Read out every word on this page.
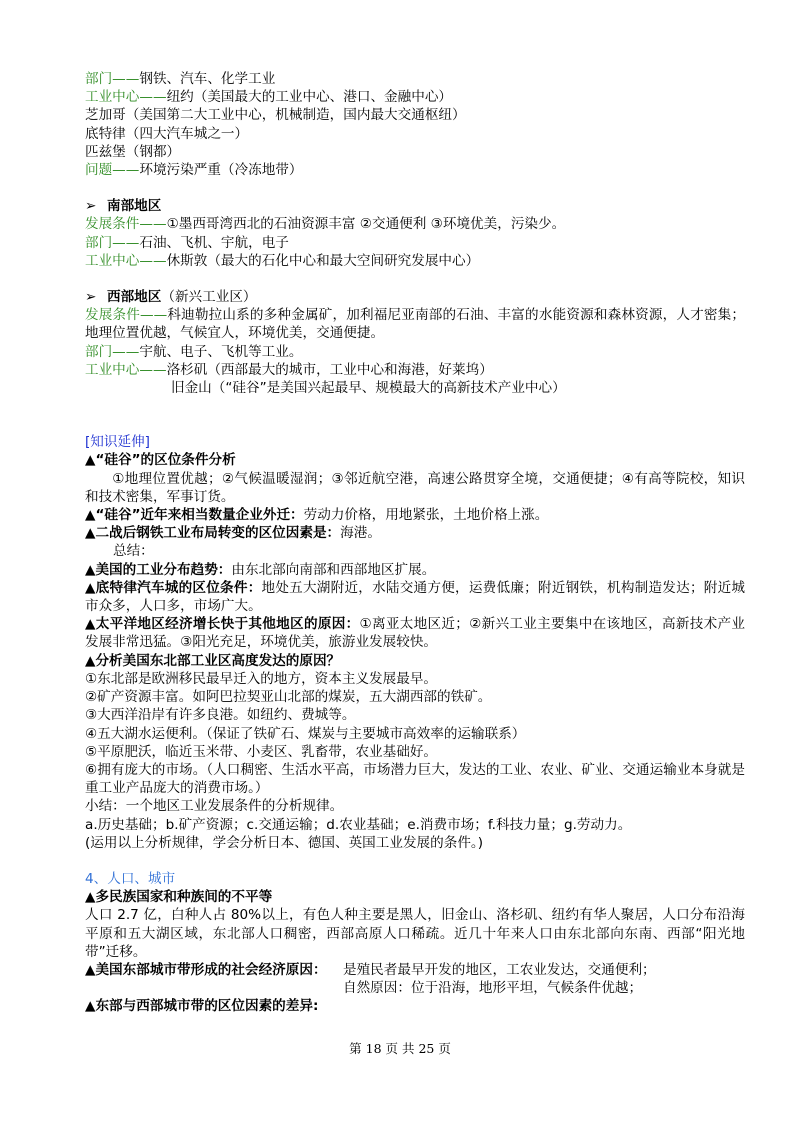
部门——钢铁、汽车、化学工业
工业中心——纽约（美国最大的工业中心、港口、金融中心）
芝加哥（美国第二大工业中心，机械制造，国内最大交通枢纽）
底特律（四大汽车城之一）
匹兹堡（钢都）
问题——环境污染严重（冷冻地带）
➢ 南部地区
发展条件——①墨西哥湾西北的石油资源丰富 ②交通便利 ③环境优美，污染少。
部门——石油、飞机、宇航，电子
工业中心——休斯敦（最大的石化中心和最大空间研究发展中心）
➢ 西部地区（新兴工业区）
发展条件——科迪勒拉山系的多种金属矿，加利福尼亚南部的石油、丰富的水能资源和森林资源，人才密集；地理位置优越，气候宜人，环境优美，交通便捷。
部门——宇航、电子、飞机等工业。
工业中心——洛杉矶（西部最大的城市，工业中心和海港，好莱坞）
旧金山（“硅谷”是美国兴起最早、规模最大的高新技术产业中心）
[知识延伸]
▲“硅谷”的区位条件分析
①地理位置优越；②气候温暖湿润；③邻近航空港，高速公路贯穿全境，交通便捷；④有高等院校，知识和技术密集，军事订货。
▲“硅谷”近年来相当数量企业外迁：劳动力价格，用地紧张，土地价格上涨。
▲二战后钢铁工业布局转变的区位因素是：海港。
总结：
▲美国的工业分布趋势：由东北部向南部和西部地区扩展。
▲底特律汽车城的区位条件：地处五大湖附近，水陆交通方便，运费低廉；附近钢铁，机构制造发达；附近城市众多，人口多，市场广大。
▲太平洋地区经济增长快于其他地区的原因：①离亚太地区近；②新兴工业主要集中在该地区，高新技术产业发展非常迅猛。③阳光充足，环境优美，旅游业发展较快。
▲分析美国东北部工业区高度发达的原因？
①东北部是欧洲移民最早迁入的地方，资本主义发展最早。
②矿产资源丰富。如阿巴拉契亚山北部的煤炭，五大湖西部的铁矿。
③大西洋沿岸有许多良港。如纽约、费城等。
④五大湖水运便利。（保证了铁矿石、煤炭与主要城市高效率的运输联系）
⑤平原肥沃，临近玉米带、小麦区、乳畜带，农业基础好。
⑥拥有庞大的市场。（人口稠密、生活水平高，市场潜力巨大，发达的工业、农业、矿业、交通运输业本身就是重工业产品庞大的消费市场。）
小结：一个地区工业发展条件的分析规律。
a.历史基础；b.矿产资源；c.交通运输；d.农业基础；e.消费市场；f.科技力量；g.劳动力。
(运用以上分析规律，学会分析日本、德国、英国工业发展的条件。)
4、人口、城市
▲多民族国家和种族间的不平等
人口 2.7 亿，白种人占 80%以上，有色人种主要是黑人，旧金山、洛杉矶、纽约有华人聚居，人口分布沿海平原和五大湖区域，东北部人口稠密，西部高原人口稀疏。近几十年来人口由东北部向东南、西部“阳光地带”迁移。
▲美国东部城市带形成的社会经济原因：	是殖民者最早开发的地区，工农业发达，交通便利；
自然原因：位于沿海，地形平坦，气候条件优越；
▲东部与西部城市带的区位因素的差异:
第 18 页 共 25 页
